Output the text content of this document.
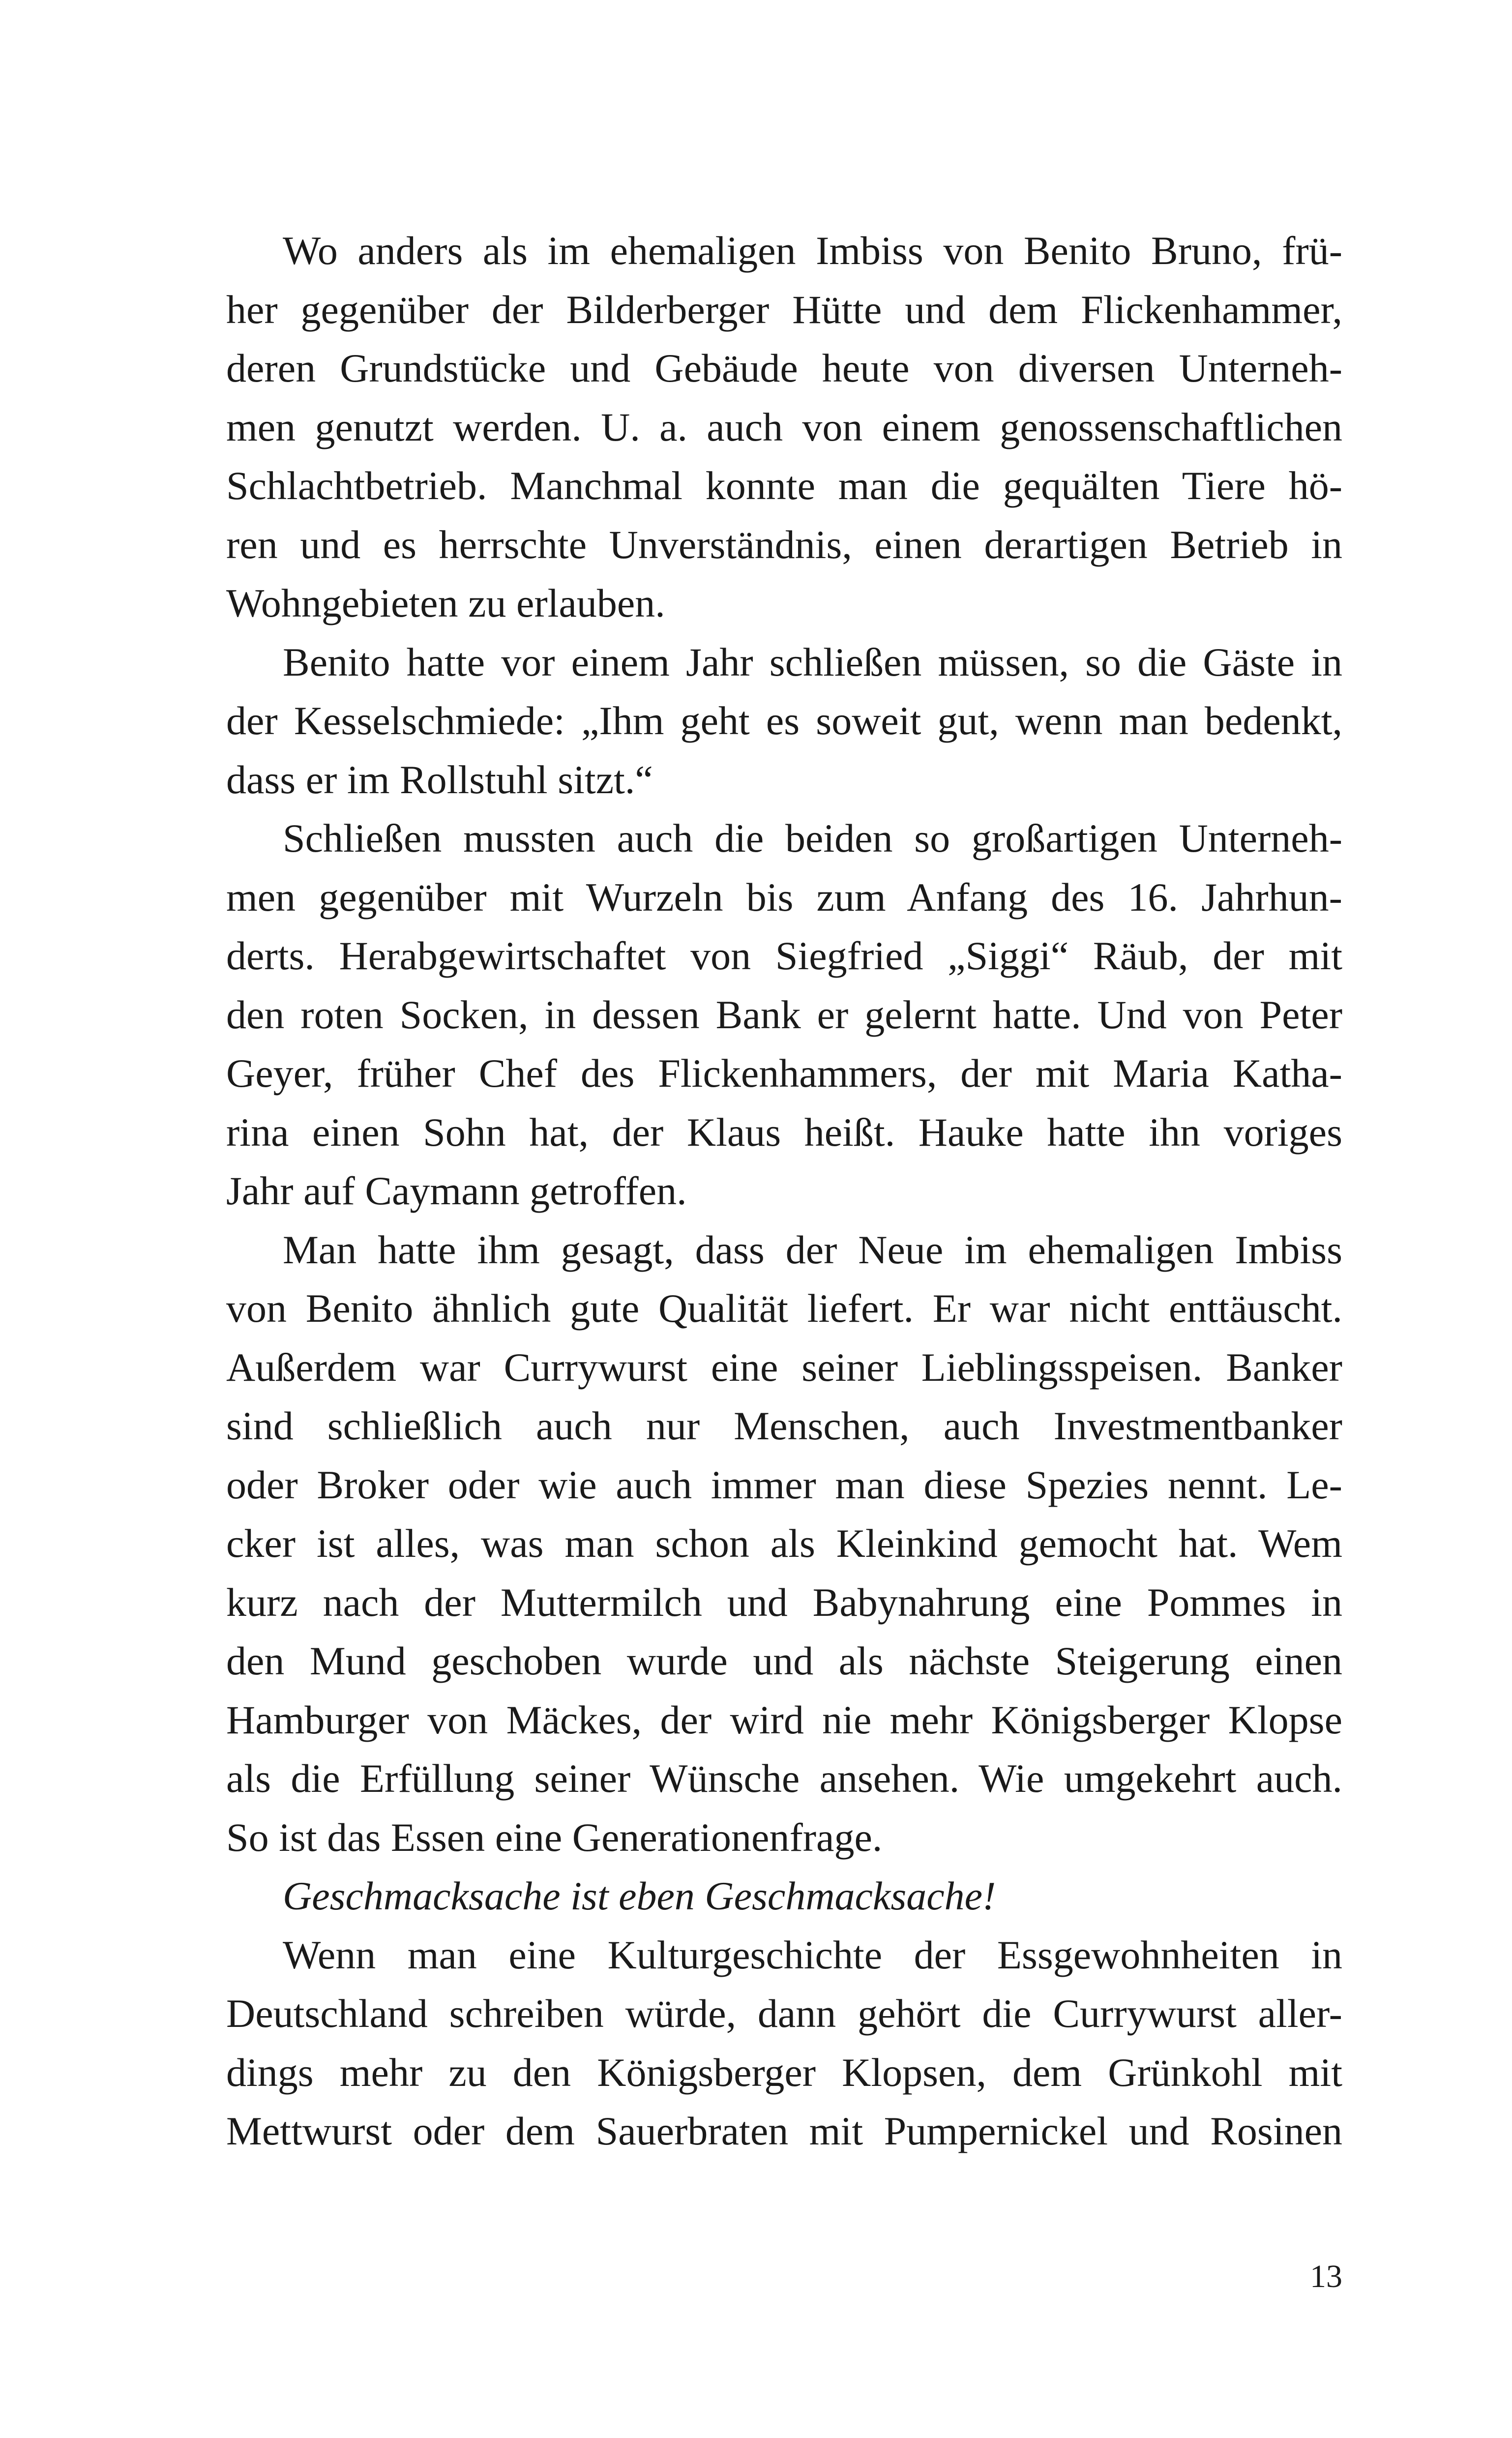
Wo anders als im ehemaligen Imbiss von Benito Bruno, frü-
her gegenüber der Bilderberger Hütte und dem Flickenhammer,
deren Grundstücke und Gebäude heute von diversen Unterneh-
men genutzt werden. U. a. auch von einem genossenschaftlichen
Schlachtbetrieb. Manchmal konnte man die gequälten Tiere hö-
ren und es herrschte Unverständnis, einen derartigen Betrieb in
Wohngebieten zu erlauben.
Benito hatte vor einem Jahr schließen müssen, so die Gäste in
der Kesselschmiede: „Ihm geht es soweit gut, wenn man bedenkt,
dass er im Rollstuhl sitzt.“
Schließen mussten auch die beiden so großartigen Unterneh-
men gegenüber mit Wurzeln bis zum Anfang des 16. Jahrhun-
derts. Herabgewirtschaftet von Siegfried „Siggi“ Räub, der mit
den roten Socken, in dessen Bank er gelernt hatte. Und von Peter
Geyer, früher Chef des Flickenhammers, der mit Maria Katha-
rina einen Sohn hat, der Klaus heißt. Hauke hatte ihn voriges
Jahr auf Caymann getroffen.
Man hatte ihm gesagt, dass der Neue im ehemaligen Imbiss
von Benito ähnlich gute Qualität liefert. Er war nicht enttäuscht.
Außerdem war Currywurst eine seiner Lieblingsspeisen. Banker
sind schließlich auch nur Menschen, auch Investmentbanker
oder Broker oder wie auch immer man diese Spezies nennt. Le-
cker ist alles, was man schon als Kleinkind gemocht hat. Wem
kurz nach der Muttermilch und Babynahrung eine Pommes in
den Mund geschoben wurde und als nächste Steigerung einen
Hamburger von Mäckes, der wird nie mehr Königsberger Klopse
als die Erfüllung seiner Wünsche ansehen. Wie umgekehrt auch.
So ist das Essen eine Generationenfrage.
Geschmacksache ist eben Geschmacksache!
Wenn man eine Kulturgeschichte der Essgewohnheiten in
Deutschland schreiben würde, dann gehört die Currywurst aller-
dings mehr zu den Königsberger Klopsen, dem Grünkohl mit
Mettwurst oder dem Sauerbraten mit Pumpernickel und Rosinen
13
